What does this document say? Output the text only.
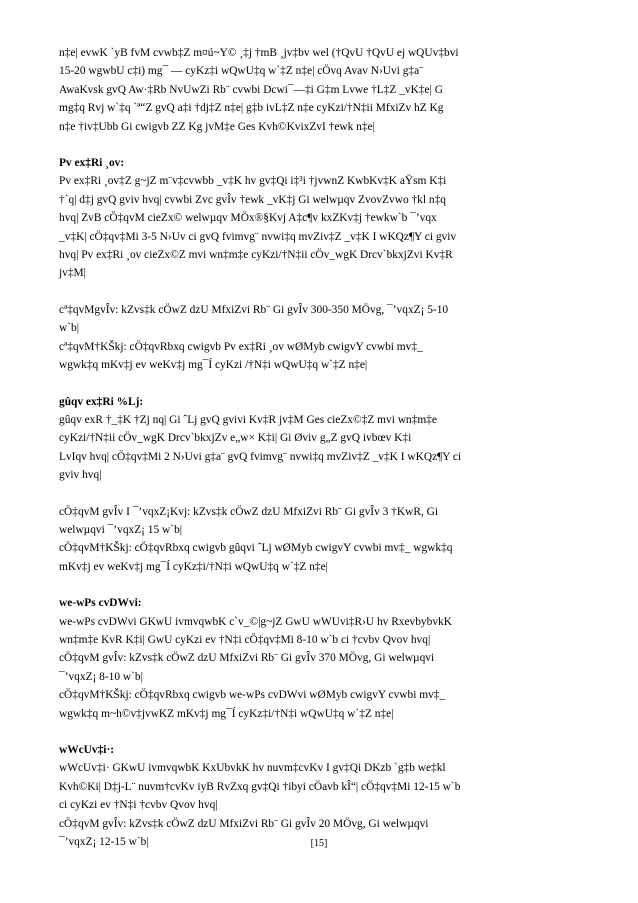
n‡e| evwK `yB fvM cvwb‡Z m¤ú~Y© ¸‡j †mB ¸jv‡bv wel (†QvU †QvU ej wQUv‡bvi
15-20 wgwbU c‡i) mg¯ — cyKz‡i wQwU‡q w`‡Z n‡e| cÖvq Avav N›Uvi g‡a¨
AwaKvsk gvQ Aw·‡Rb NvUwZi Rb¨ cvwbi Dcwi¯—‡i G‡m Lvwe †L‡Z _vK‡e| G
mg‡q Rvj w`‡q `ª“Z gvQ a‡i †dj‡Z n‡e| g‡b ivL‡Z n‡e cyKzi/†N‡ii MfxiZv hZ Kg
n‡e †iv‡Ubb Gi cwigvb ZZ Kg jvM‡e Ges Kvh©KvixZvI †ewk n‡e|

Pv ex‡Ri ¸ov:

Pv ex‡Ri ¸ov‡Z g~jZ m¨v‡cvwbb _v‡K hv gv‡Qi i‡³i †jvwnZ KwbKv‡K aŸsm K‡i
†`q| d‡j gvQ gviv hvq| cvwbi Zvc gvÎv †ewk _vK‡j Gi welwµqv ZvovZvwo †kl n‡q
hvq| ZvB cÖ‡qvM cieZx© welwµqv MÖx®§Kvj A‡c¶v kxZKv‡j †ewkw`b ¯’vqx
_v‡K| cÖ‡qv‡Mi 3-5 N›Uv ci gvQ fvimvg¨ nvwi‡q mvZiv‡Z _v‡K I wKQz¶Y ci gviv
hvq| Pv ex‡Ri ¸ov cieZx©Z mvi wn‡m‡e cyKzi/†N‡ii cÖv_wgK Drcv`bkxjZvi Kv‡R
jv‡M|

cª‡qvMgvÎv: kZvs‡k cÖwZ dzU MfxiZvi Rb¨ Gi gvÎv 300-350 MÖvg, ¯’vqxZ¡ 5-10
w`b|

cª‡qvM†KŠkj: cÖ‡qvRbxq cwigvb Pv ex‡Ri ¸ov wØMyb cwigvY cvwbi mv‡_
wgwk‡q mKv‡j ev weKv‡j mg¯Í cyKzi /†N‡i wQwU‡q w`‡Z n‡e|

gûqv ex‡Ri %Lj:

gûqv exR †_‡K †Zj nq| Gi ˆLj gvQ gvivi Kv‡R jv‡M Ges cieZx©‡Z mvi wn‡m‡e
cyKzi/†N‡ii cÖv_wgK Drcv`bkxjZv e„w× K‡i| Gi Øviv g„Z gvQ ivbœv K‡i
LvIqv hvq| cÖ‡qv‡Mi 2 N›Uvi g‡a¨ gvQ fvimvg¨ nvwi‡q mvZiv‡Z _v‡K I wKQz¶Y ci
gviv hvq|

cÖ‡qvM gvÎv I ¯’vqxZ¡Kvj: kZvs‡k cÖwZ dzU MfxiZvi Rb¨ Gi gvÎv 3 †KwR, Gi
welwµqvi ¯’vqxZ¡ 15 w`b|

cÖ‡qvM†KŠkj: cÖ‡qvRbxq cwigvb gûqvi ˆLj wØMyb cwigvY cvwbi mv‡_ wgwk‡q
mKv‡j ev weKv‡j mg¯Í cyKz‡i/†N‡i wQwU‡q w`‡Z n‡e|

we-wPs cvDWvi:

we-wPs cvDWvi GKwU ivmvqwbK c`v_©|g~jZ GwU wWUvi‡R›U hv RxevbybvkK
wn‡m‡e KvR K‡i| GwU cyKzi ev †N‡i cÖ‡qv‡Mi 8-10 w`b ci †cvbv Qvov hvq|
cÖ‡qvM gvÎv: kZvs‡k cÖwZ dzU MfxiZvi Rb¨ Gi gvÎv 370 MÖvg, Gi welwµqvi
¯’vqxZ¡ 8-10 w`b|
cÖ‡qvM†KŠkj: cÖ‡qvRbxq cwigvb we-wPs cvDWvi wØMyb cwigvY cvwbi mv‡_
wgwk‡q m~h©v‡jvwKZ mKv‡j mg¯Í cyKz‡i/†N‡i wQwU‡q w`‡Z n‡e|

wWcUv‡i·:

wWcUv‡i· GKwU ivmvqwbK KxUbvkK hv nuvm‡cvKv I gv‡Qi DKzb `g‡b we‡kl
Kvh©Ki| D‡j-L¨ nuvm†cvKv iyB RvZxq gv‡Qi †ibyi cÖavb kÎ“| cÖ‡qv‡Mi 12-15 w`b
ci cyKzi ev †N‡i †cvbv Qvov hvq|
cÖ‡qvM gvÎv: kZvs‡k cÖwZ dzU MfxiZvi Rb¨ Gi gvÎv 20 MÖvg, Gi welwµqvi
¯’vqxZ¡ 12-15 w`b|	[15]
